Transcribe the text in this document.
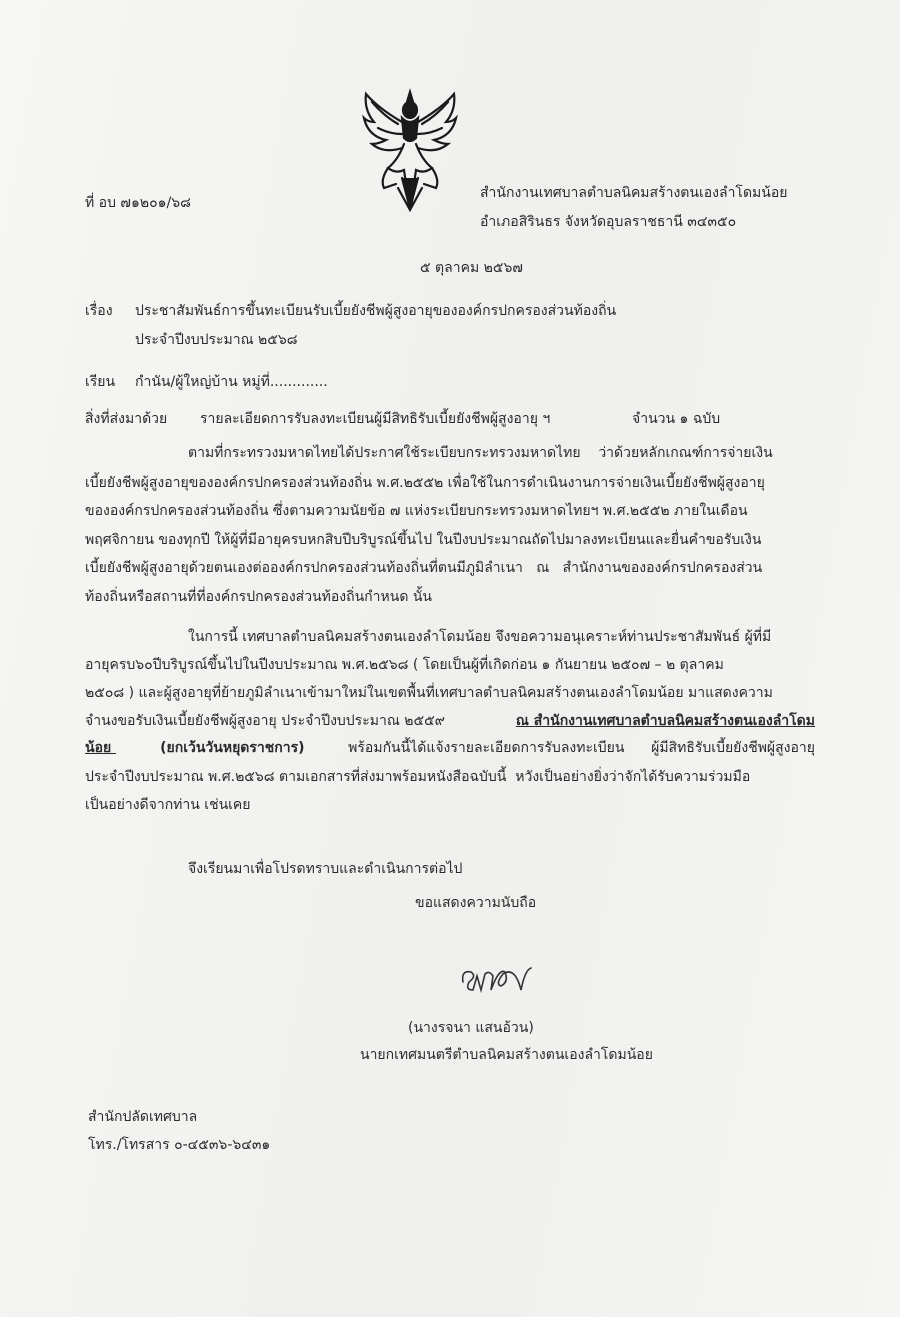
ที่ อบ ๗๑๒๐๑/๖๘
สำนักงานเทศบาลตำบลนิคมสร้างตนเองลำโดมน้อย
อำเภอสิรินธร จังหวัดอุบลราชธานี ๓๔๓๕๐
๕ ตุลาคม ๒๕๖๗
เรื่อง ประชาสัมพันธ์การขึ้นทะเบียนรับเบี้ยยังชีพผู้สูงอายุขององค์กรปกครองส่วนท้องถิ่น
ประจำปีงบประมาณ ๒๕๖๘
เรียน กำนัน/ผู้ใหญ่บ้าน หมู่ที่.............
สิ่งที่ส่งมาด้วย รายละเอียดการรับลงทะเบียนผู้มีสิทธิรับเบี้ยยังชีพผู้สูงอายุ ฯ	จำนวน ๑ ฉบับ
ตามที่กระทรวงมหาดไทยได้ประกาศใช้ระเบียบกระทรวงมหาดไทย    ว่าด้วยหลักเกณฑ์การจ่ายเงิน
เบี้ยยังชีพผู้สูงอายุขององค์กรปกครองส่วนท้องถิ่น พ.ศ.๒๕๕๒ เพื่อใช้ในการดำเนินงานการจ่ายเงินเบี้ยยังชีพผู้สูงอายุ
ขององค์กรปกครองส่วนท้องถิ่น ซึ่งตามความนัยข้อ ๗ แห่งระเบียบกระทรวงมหาดไทยฯ พ.ศ.๒๕๕๒ ภายในเดือน
พฤศจิกายน ของทุกปี ให้ผู้ที่มีอายุครบหกสิบปีบริบูรณ์ขึ้นไป ในปีงบประมาณถัดไปมาลงทะเบียนและยื่นคำขอรับเงิน
เบี้ยยังชีพผู้สูงอายุด้วยตนเองต่อองค์กรปกครองส่วนท้องถิ่นที่ตนมีภูมิลำเนา   ณ   สำนักงานขององค์กรปกครองส่วน
ท้องถิ่นหรือสถานที่ที่องค์กรปกครองส่วนท้องถิ่นกำหนด นั้น
ในการนี้ เทศบาลตำบลนิคมสร้างตนเองลำโดมน้อย จึงขอความอนุเคราะห์ท่านประชาสัมพันธ์ ผู้ที่มี
อายุครบ๖๐ปีบริบูรณ์ขึ้นไปในปีงบประมาณ พ.ศ.๒๕๖๘ ( โดยเป็นผู้ที่เกิดก่อน ๑ กันยายน ๒๕๐๗ – ๒ ตุลาคม
๒๕๐๘ ) และผู้สูงอายุที่ย้ายภูมิลำเนาเข้ามาใหม่ในเขตพื้นที่เทศบาลตำบลนิคมสร้างตนเองลำโดมน้อย มาแสดงความ
จำนงขอรับเงินเบี้ยยังชีพผู้สูงอายุ ประจำปีงบประมาณ ๒๕๕๙	ณ สำนักงานเทศบาลตำบลนิคมสร้างตนเองลำโดม
น้อย	(ยกเว้นวันหยุดราชการ)	พร้อมกันนี้ได้แจ้งรายละเอียดการรับลงทะเบียน      ผู้มีสิทธิรับเบี้ยยังชีพผู้สูงอายุ
ประจำปีงบประมาณ พ.ศ.๒๕๖๘ ตามเอกสารที่ส่งมาพร้อมหนังสือฉบับนี้  หวังเป็นอย่างยิ่งว่าจักได้รับความร่วมมือ
เป็นอย่างดีจากท่าน เช่นเคย
จึงเรียนมาเพื่อโปรดทราบและดำเนินการต่อไป
ขอแสดงความนับถือ
(นางรจนา แสนอ้วน)
นายกเทศมนตรีตำบลนิคมสร้างตนเองลำโดมน้อย
สำนักปลัดเทศบาล
โทร./โทรสาร ๐-๔๕๓๖-๖๔๓๑
